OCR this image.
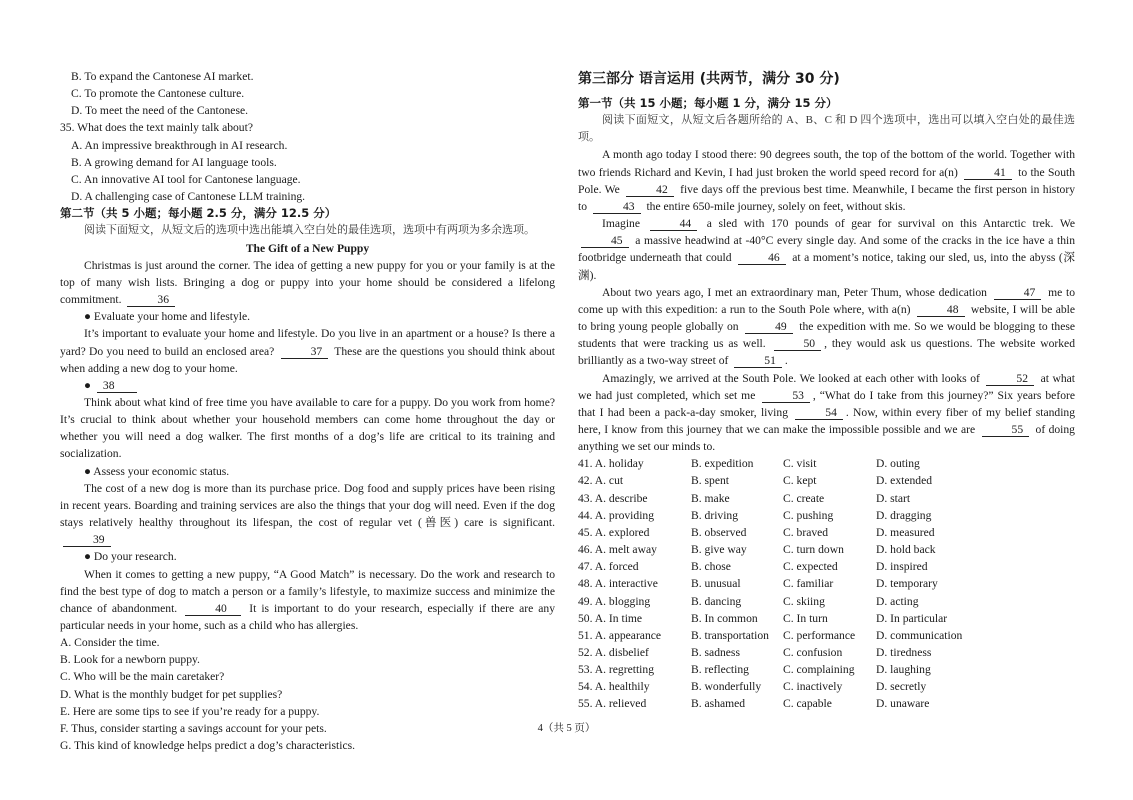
B. To expand the Cantonese AI market.

C. To promote the Cantonese culture.

D. To meet the need of the Cantonese.

35. What does the text mainly talk about?

A. An impressive breakthrough in AI research.

B. A growing demand for AI language tools.

C. An innovative AI tool for Cantonese language.

D. A challenging case of Cantonese LLM training.

第二节（共 5 小题；每小题 2.5 分，满分 12.5 分）

阅读下面短文，从短文后的选项中选出能填入空白处的最佳选项，选项中有两项为多余选项。

The Gift of a New Puppy

Christmas is just around the corner. The idea of getting a new puppy for you or your family is at the top of many wish lists. Bringing a dog or puppy into your home should be considered a lifelong commitment.	36

● Evaluate your home and lifestyle.

It’s important to evaluate your home and lifestyle. Do you live in an apartment or a house? Is there a yard? Do you need to build an enclosed area?	37 These are the questions you should think about when adding a new dog to your home.

● 38

Think about what kind of free time you have available to care for a puppy. Do you work from home? It’s crucial to think about whether your household members can come home throughout the day or whether you will need a dog walker. The first months of a dog’s life are critical to its training and socialization.

● Assess your economic status.

The cost of a new dog is more than its purchase price. Dog food and supply prices have been rising in recent years. Boarding and training services are also the things that your dog will need. Even if the dog stays relatively healthy throughout its lifespan, the cost of regular vet (兽医) care is significant. 39

● Do your research.

When it comes to getting a new puppy, “A Good Match” is necessary. Do the work and research to find the best type of dog to match a person or a family’s lifestyle, to maximize success and minimize the chance of abandonment.	40 It is important to do your research, especially if there are any particular needs in your home, such as a child who has allergies.

A. Consider the time.

B. Look for a newborn puppy.

C. Who will be the main caretaker?

D. What is the monthly budget for pet supplies?

E. Here are some tips to see if you’re ready for a puppy.

F. Thus, consider starting a savings account for your pets.

G. This kind of knowledge helps predict a dog’s characteristics.

第三部分 语言运用 (共两节，满分 30 分)

第一节（共 15 小题；每小题 1 分，满分 15 分）

阅读下面短文，从短文后各题所给的 A、B、C 和 D 四个选项中，选出可以填入空白处的最佳选项。

A month ago today I stood there: 90 degrees south, the top of the bottom of the world. Together with two friends Richard and Kevin, I had just broken the world speed record for a(n)	41 to the South Pole. We	42 five days off the previous best time. Meanwhile, I became the first person in history to	43 the entire 650-mile journey, solely on feet, without skis.

Imagine	44 a sled with 170 pounds of gear for survival on this Antarctic trek. We 45 a massive headwind at -40°C every single day. And some of the cracks in the ice have a thin footbridge underneath that could	46 at a moment’s notice, taking our sled, us, into the abyss (深渊).

About two years ago, I met an extraordinary man, Peter Thum, whose dedication	47 me to come up with this expedition: a run to the South Pole where, with a(n)	48 website, I will be able to bring young people globally on	49 the expedition with me. So we would be blogging to these students that were tracking us as well.	50 , they would ask us questions. The website worked brilliantly as a two-way street of	51 .

Amazingly, we arrived at the South Pole. We looked at each other with looks of	52 at what we had just completed, which set me	53 , “What do I take from this journey?” Six years before that I had been a pack-a-day smoker, living	54 . Now, within every fiber of my belief standing here, I know from this journey that we can make the impossible possible and we are	55 of doing anything we set our minds to.

41. A. holiday	B. expedition	C. visit	D. outing
42. A. cut	B. spent	C. kept	D. extended
43. A. describe	B. make	C. create	D. start
44. A. providing	B. driving	C. pushing	D. dragging
45. A. explored	B. observed	C. braved	D. measured
46. A. melt away	B. give way	C. turn down	D. hold back
47. A. forced	B. chose	C. expected	D. inspired
48. A. interactive	B. unusual	C. familiar	D. temporary
49. A. blogging	B. dancing	C. skiing	D. acting
50. A. In time	B. In common	C. In turn	D. In particular
51. A. appearance	B. transportation	C. performance	D. communication
52. A. disbelief	B. sadness	C. confusion	D. tiredness
53. A. regretting	B. reflecting	C. complaining	D. laughing
54. A. healthily	B. wonderfully	C. inactively	D. secretly
55. A. relieved	B. ashamed	C. capable	D. unaware
4（共 5 页）
